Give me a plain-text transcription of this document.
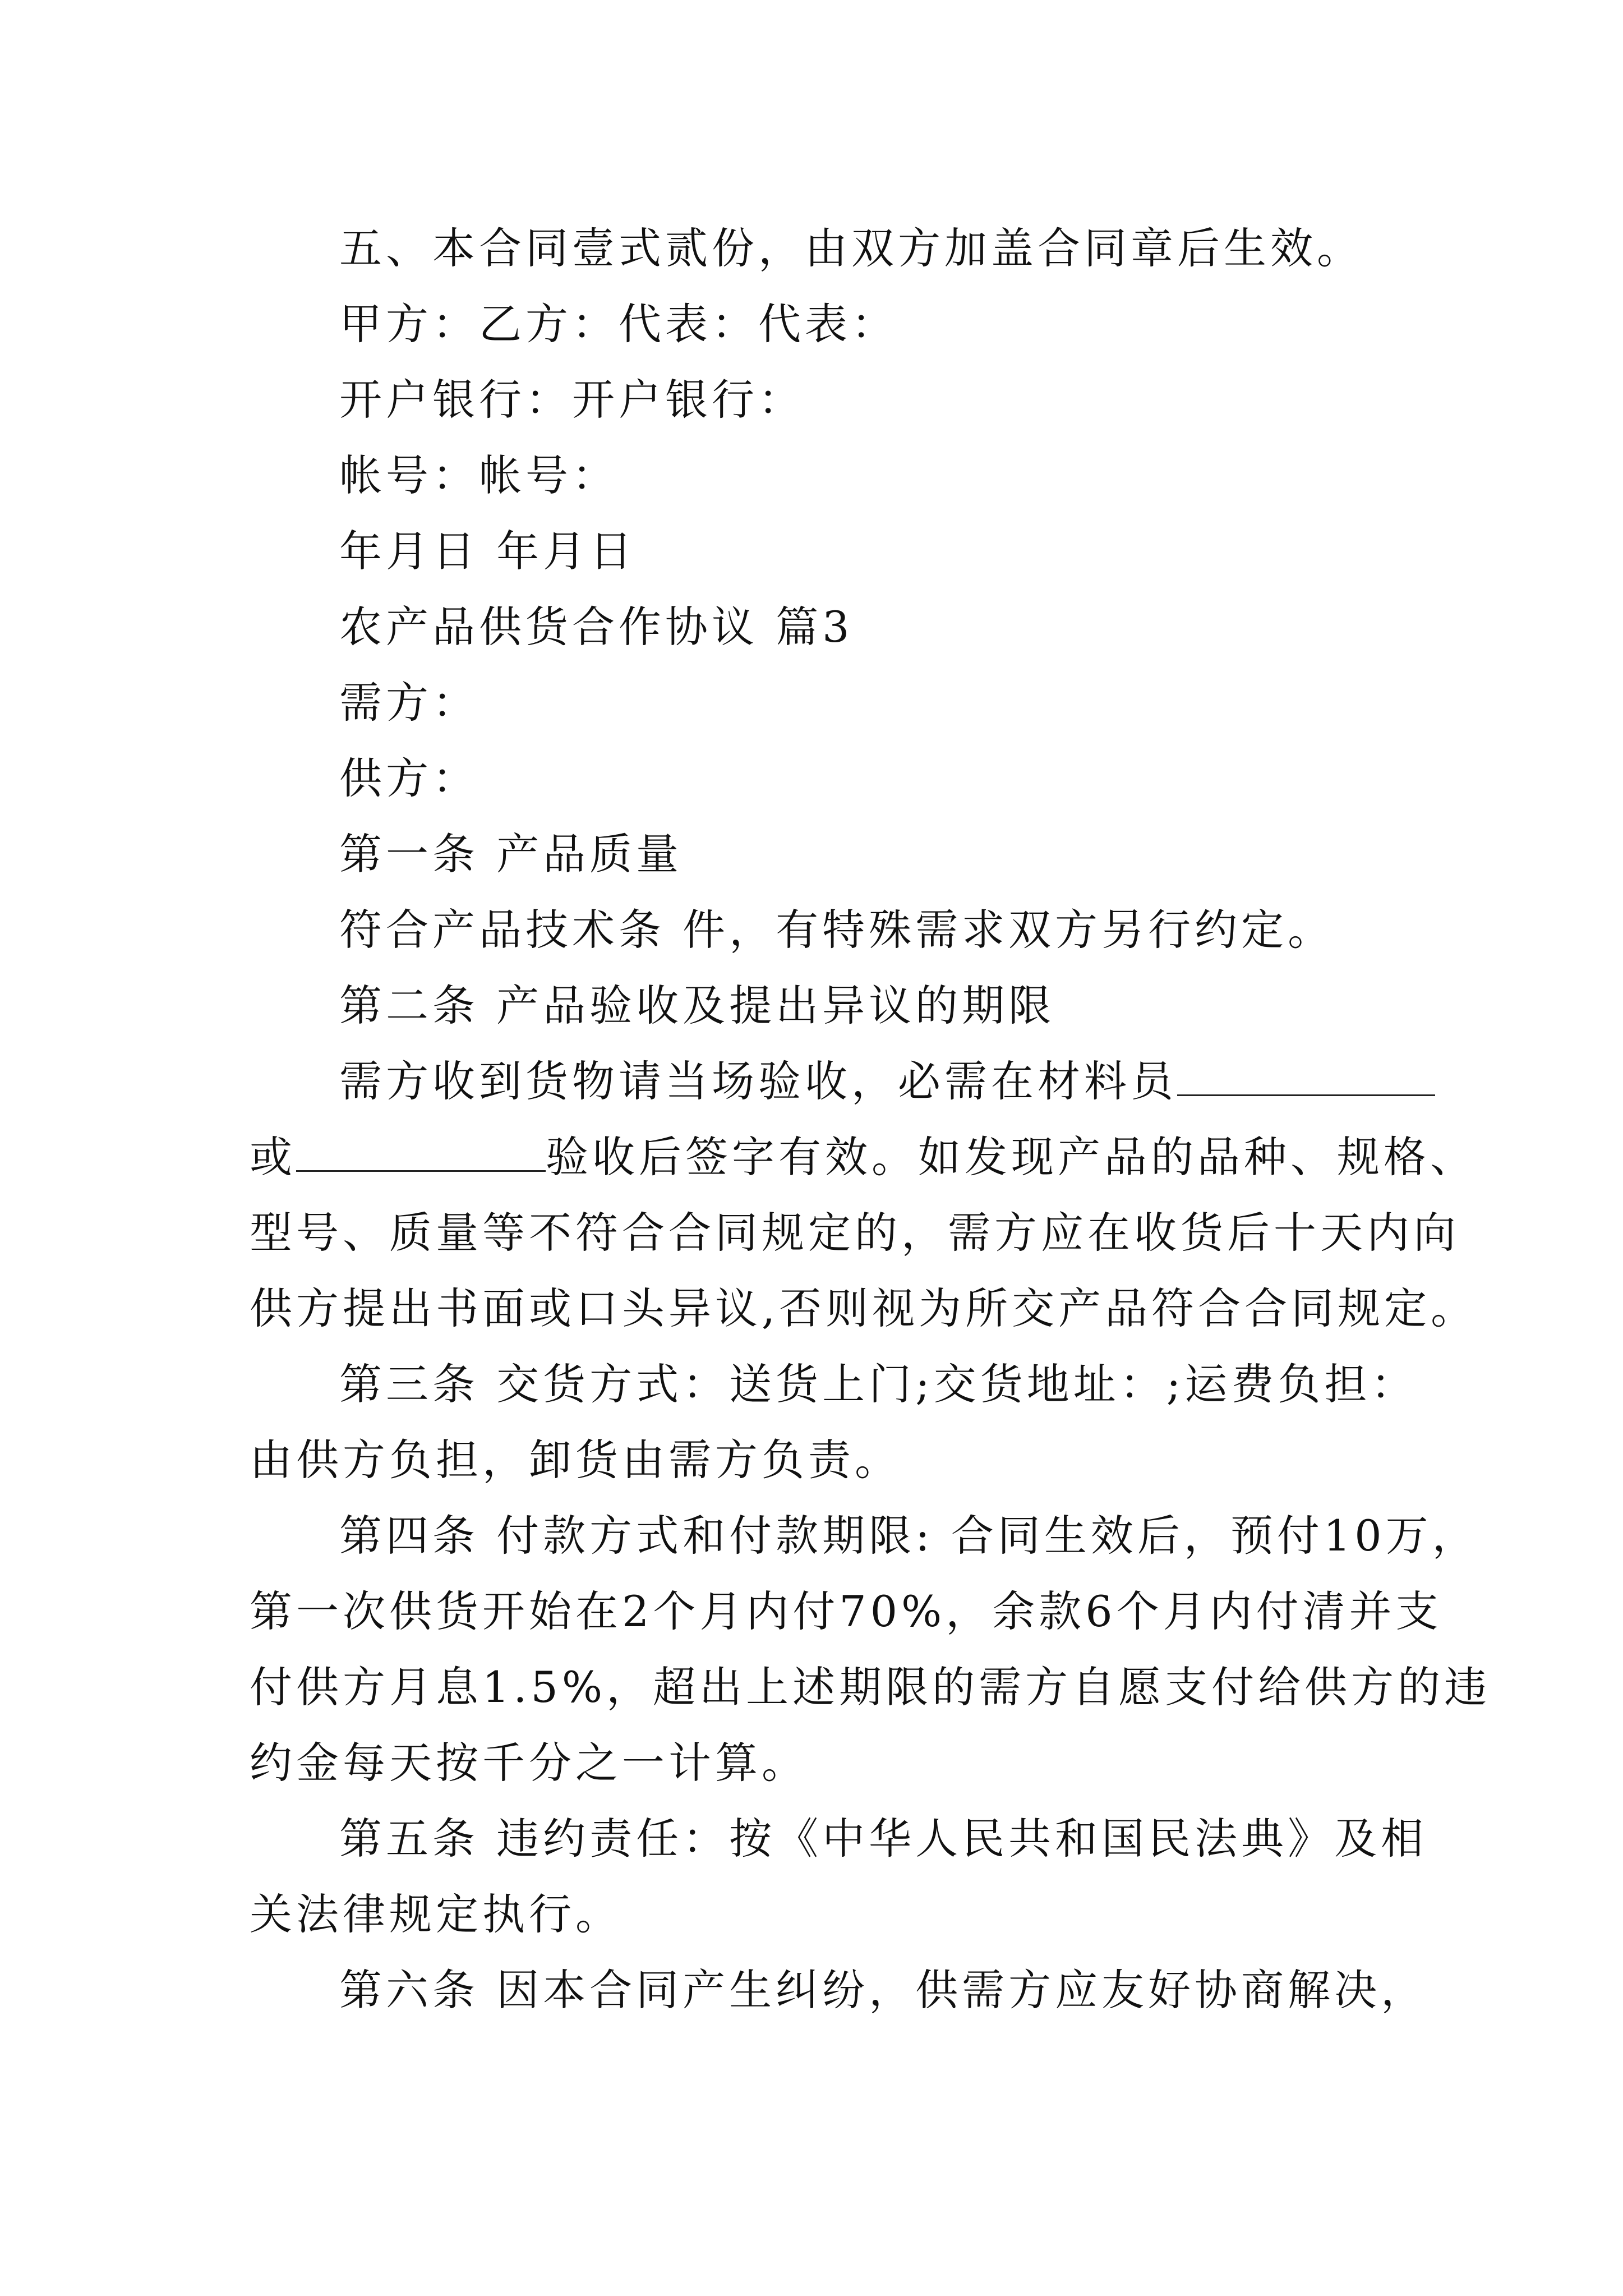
五、本合同壹式贰份，由双方加盖合同章后生效。
甲方：乙方：代表：代表：
开户银行：开户银行：
帐号：帐号：
年月日 年月日
农产品供货合作协议 篇3
需方：
供方：
第一条 产品质量
符合产品技术条 件，有特殊需求双方另行约定。
第二条 产品验收及提出异议的期限
需方收到货物请当场验收，必需在材料员
或	验收后签字有效。如发现产品的品种、规格、
型号、质量等不符合合同规定的，需方应在收货后十天内向
供方提出书面或口头异议,否则视为所交产品符合合同规定。
第三条 交货方式：送货上门;交货地址：;运费负担：
由供方负担，卸货由需方负责。
第四条 付款方式和付款期限: 合同生效后，预付10万，
第一次供货开始在2个月内付70%，余款6个月内付清并支
付供方月息1.5%，超出上述期限的需方自愿支付给供方的违
约金每天按千分之一计算。
第五条 违约责任：按《中华人民共和国民法典》及相
关法律规定执行。
第六条 因本合同产生纠纷，供需方应友好协商解决，
